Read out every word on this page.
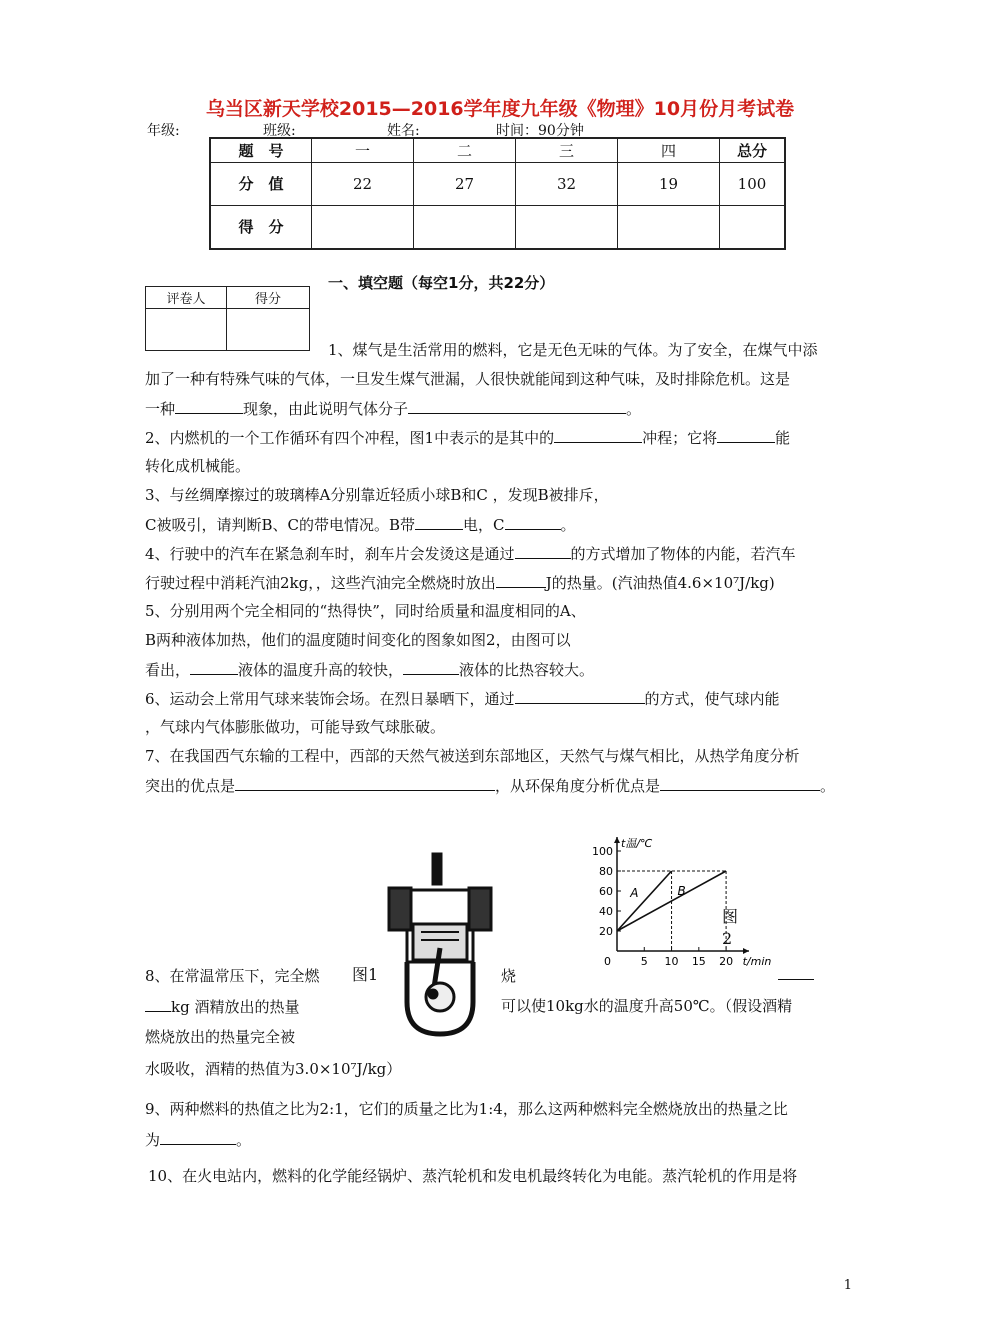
乌当区新天学校2015—2016学年度九年级《物理》10月份月考试卷
年级:	班级:	姓名:	时间：90分钟
题　号	一	二	三	四	总分
分　值	22	27	32	19	100
得　分					
评卷人	得分

一、填空题（每空1分，共22分）
1、煤气是生活常用的燃料，它是无色无味的气体。为了安全，在煤气中添
加了一种有特殊气味的气体，一旦发生煤气泄漏，人很快就能闻到这种气味，及时排除危机。这是
一种	现象，由此说明气体分子	。
2、内燃机的一个工作循环有四个冲程，图1中表示的是其中的	冲程；它将	能
转化成机械能。
3、与丝绸摩擦过的玻璃棒A分别靠近轻质小球B和C ，发现B被排斥，
C被吸引，请判断B、C的带电情况。B带	电，C	。
4、行驶中的汽车在紧急刹车时，刹车片会发烫这是通过	的方式增加了物体的内能，若汽车
行驶过程中消耗汽油2kg，，这些汽油完全燃烧时放出	J的热量。(汽油热值4.6×10⁷J/kg)
5、分别用两个完全相同的“热得快”，同时给质量和温度相同的A、
B两种液体加热，他们的温度随时间变化的图象如图2，由图可以
看出，	液体的温度升高的较快，	液体的比热容较大。
6、运动会上常用气球来装饰会场。在烈日暴晒下，通过	的方式，使气球内能
，气球内气体膨胀做功，可能导致气球胀破。
7、在我国西气东输的工程中，西部的天然气被送到东部地区，天然气与煤气相比，从热学角度分析
突出的优点是	，从环保角度分析优点是	。
20
40
60
80
100
5 10 15 20
0	t/min
t温/℃
A	B
图1
图2
8、在常温常压下，完全燃	烧
kg 酒精放出的热量	可以使10kg水的温度升高50℃。（假设酒精
燃烧放出的热量完全被
水吸收，酒精的热值为3.0×10⁷J/kg）
9、两种燃料的热值之比为2:1，它们的质量之比为1:4，那么这两种燃料完全燃烧放出的热量之比
为	。
10、在火电站内，燃料的化学能经锅炉、蒸汽轮机和发电机最终转化为电能。蒸汽轮机的作用是将
1
